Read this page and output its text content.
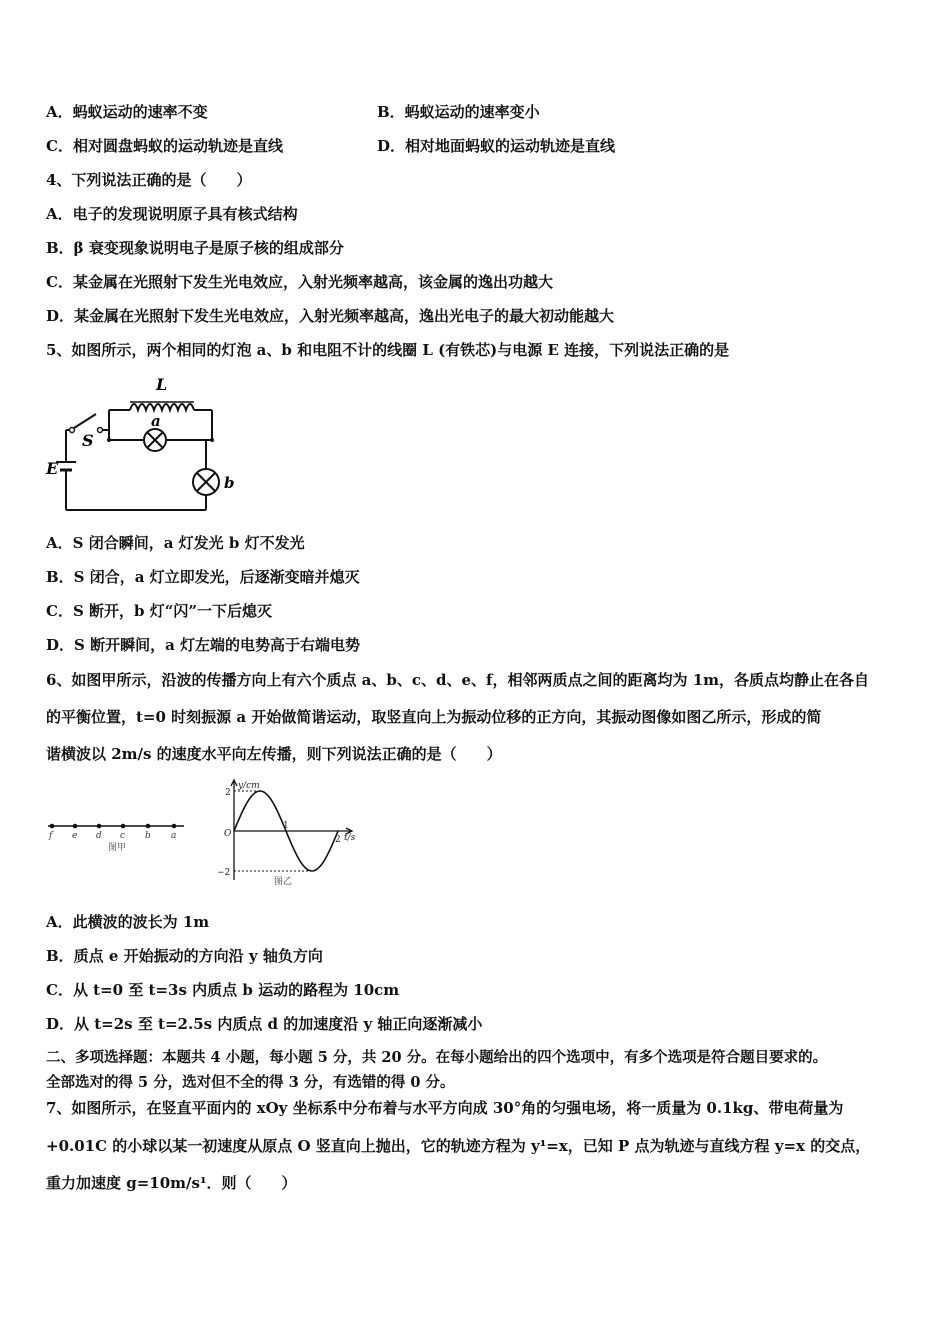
A．蚂蚁运动的速率不变	B．蚂蚁运动的速率变小
C．相对圆盘蚂蚁的运动轨迹是直线	D．相对地面蚂蚁的运动轨迹是直线
4、下列说法正确的是（　　）
A．电子的发现说明原子具有核式结构
B．β 衰变现象说明电子是原子核的组成部分
C．某金属在光照射下发生光电效应，入射光频率越高，该金属的逸出功越大
D．某金属在光照射下发生光电效应，入射光频率越高，逸出光电子的最大初动能越大
5、如图所示，两个相同的灯泡 a、b 和电阻不计的线圈 L (有铁芯)与电源 E 连接，下列说法正确的是
L
a
S
E
b
A．S 闭合瞬间，a 灯发光 b 灯不发光
B．S 闭合，a 灯立即发光，后逐渐变暗并熄灭
C．S 断开，b 灯“闪”一下后熄灭
D．S 断开瞬间，a 灯左端的电势高于右端电势
6、如图甲所示，沿波的传播方向上有六个质点 a、b、c、d、e、f，相邻两质点之间的距离均为 1m，各质点均静止在各自
的平衡位置，t=0 时刻振源 a 开始做简谐运动，取竖直向上为振动位移的正方向，其振动图像如图乙所示，形成的简
谐横波以 2m/s 的速度水平向左传播，则下列说法正确的是（　　）
f e d c b a
图甲
y/cm
t/s
O
2
−2
1
2
图乙
A．此横波的波长为 1m
B．质点 e 开始振动的方向沿 y 轴负方向
C．从 t=0 至 t=3s 内质点 b 运动的路程为 10cm
D．从 t=2s 至 t=2.5s 内质点 d 的加速度沿 y 轴正向逐渐减小
二、多项选择题：本题共 4 小题，每小题 5 分，共 20 分。在每小题给出的四个选项中，有多个选项是符合题目要求的。
全部选对的得 5 分，选对但不全的得 3 分，有选错的得 0 分。
7、如图所示，在竖直平面内的 xOy 坐标系中分布着与水平方向成 30°角的匀强电场，将一质量为 0.1kg、带电荷量为
+0.01C 的小球以某一初速度从原点 O 竖直向上抛出，它的轨迹方程为 y¹=x，已知 P 点为轨迹与直线方程 y=x 的交点，
重力加速度 g=10m/s¹．则（　　）
